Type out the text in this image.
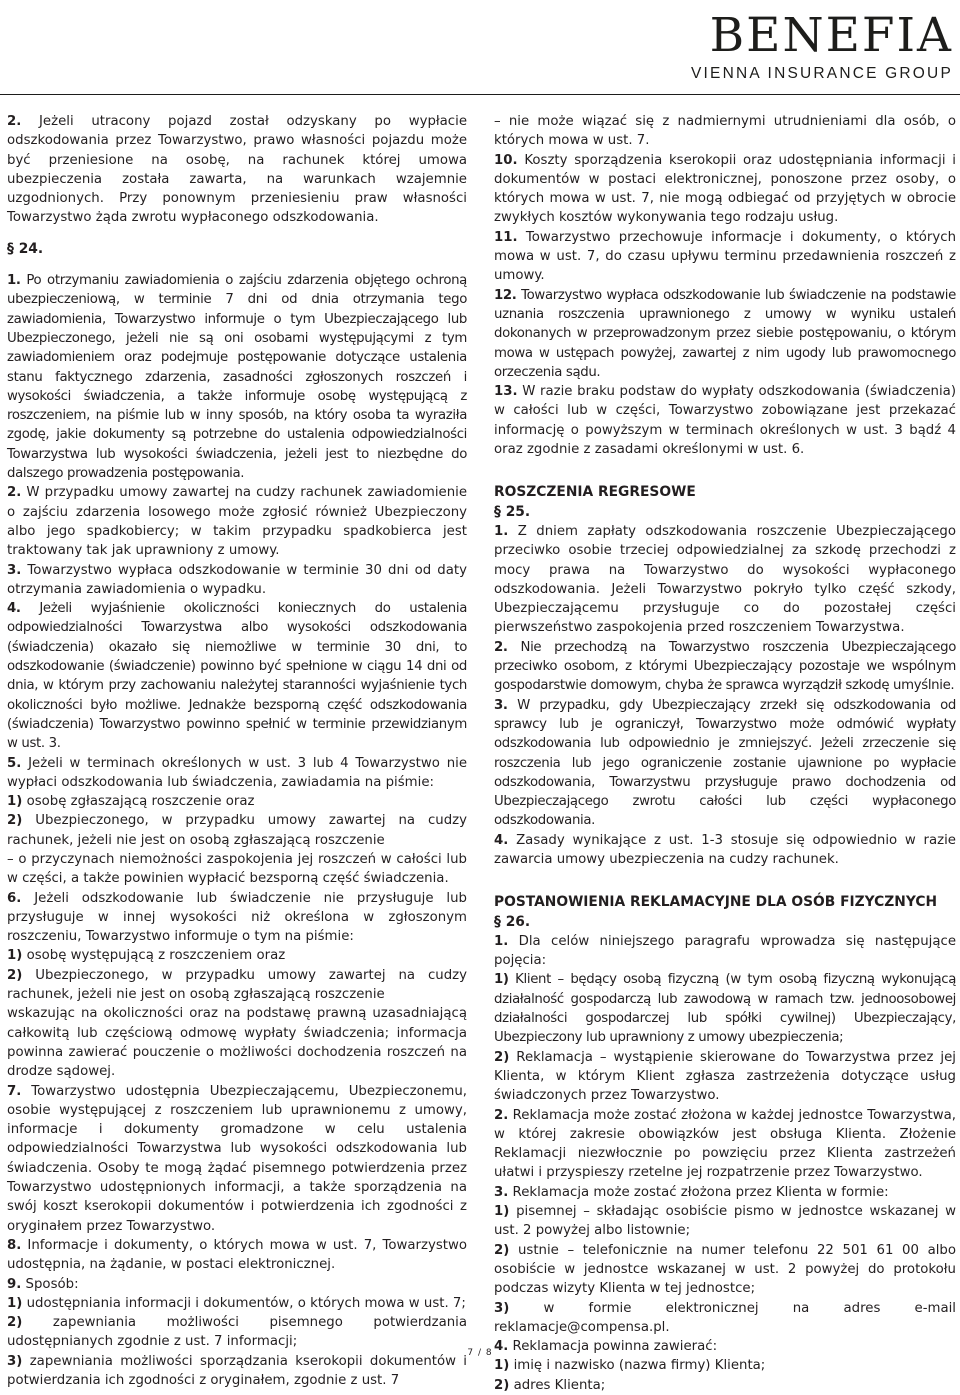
BENEFIA
VIENNA INSURANCE GROUP

2. Jeżeli utracony pojazd został odzyskany po wypłacie odszkodowania przez Towarzystwo, prawo własności pojazdu może być przeniesione na osobę, na rachunek której umowa ubezpieczenia została zawarta, na warunkach wzajemnie uzgodnionych. Przy ponownym przeniesieniu praw własności Towarzystwo żąda zwrotu wypłaconego odszkodowania.

§ 24.

1. Po otrzymaniu zawiadomienia o zajściu zdarzenia objętego ochroną ubezpieczeniową, w terminie 7 dni od dnia otrzymania tego zawiadomienia, Towarzystwo informuje o tym Ubezpieczającego lub Ubezpieczonego, jeżeli nie są oni osobami występującymi z tym zawiadomieniem oraz podejmuje postępowanie dotyczące ustalenia stanu faktycznego zdarzenia, zasadności zgłoszonych roszczeń i wysokości świadczenia, a także informuje osobę występującą z roszczeniem, na piśmie lub w inny sposób, na który osoba ta wyraziła zgodę, jakie dokumenty są potrzebne do ustalenia odpowiedzialności Towarzystwa lub wysokości świadczenia, jeżeli jest to niezbędne do dalszego prowadzenia postępowania.

2. W przypadku umowy zawartej na cudzy rachunek zawiadomienie o zajściu zdarzenia losowego może zgłosić również Ubezpieczony albo jego spadkobiercy; w takim przypadku spadkobierca jest traktowany tak jak uprawniony z umowy.

3. Towarzystwo wypłaca odszkodowanie w terminie 30 dni od daty otrzymania zawiadomienia o wypadku.

4. Jeżeli wyjaśnienie okoliczności koniecznych do ustalenia odpowiedzialności Towarzystwa albo wysokości odszkodowania (świadczenia) okazało się niemożliwe w terminie 30 dni, to odszkodowanie (świadczenie) powinno być spełnione w ciągu 14 dni od dnia, w którym przy zachowaniu należytej staranności wyjaśnienie tych okoliczności było możliwe. Jednakże bezsporną część odszkodowania (świadczenia) Towarzystwo powinno spełnić w terminie przewidzianym w ust. 3.

5. Jeżeli w terminach określonych w ust. 3 lub 4 Towarzystwo nie wypłaci odszkodowania lub świadczenia, zawiadamia na piśmie:

1) osobę zgłaszającą roszczenie oraz

2) Ubezpieczonego, w przypadku umowy zawartej na cudzy rachunek, jeżeli nie jest on osobą zgłaszającą roszczenie

– o przyczynach niemożności zaspokojenia jej roszczeń w całości lub w części, a także powinien wypłacić bezsporną część świadczenia.

6. Jeżeli odszkodowanie lub świadczenie nie przysługuje lub przysługuje w innej wysokości niż określona w zgłoszonym roszczeniu, Towarzystwo informuje o tym na piśmie:

1) osobę występującą z roszczeniem oraz

2) Ubezpieczonego, w przypadku umowy zawartej na cudzy rachunek, jeżeli nie jest on osobą zgłaszającą roszczenie

wskazując na okoliczności oraz na podstawę prawną uzasadniającą całkowitą lub częściową odmowę wypłaty świadczenia; informacja powinna zawierać pouczenie o możliwości dochodzenia roszczeń na drodze sądowej.

7. Towarzystwo udostępnia Ubezpieczającemu, Ubezpieczonemu, osobie występującej z roszczeniem lub uprawnionemu z umowy, informacje i dokumenty gromadzone w celu ustalenia odpowiedzialności Towarzystwa lub wysokości odszkodowania lub świadczenia. Osoby te mogą żądać pisemnego potwierdzenia przez Towarzystwo udostępnionych informacji, a także sporządzenia na swój koszt kserokopii dokumentów i potwierdzenia ich zgodności z oryginałem przez Towarzystwo.

8. Informacje i dokumenty, o których mowa w ust. 7, Towarzystwo udostępnia, na żądanie, w postaci elektronicznej.

9. Sposób:

1) udostępniania informacji i dokumentów, o których mowa w ust. 7;

2) zapewniania możliwości pisemnego potwierdzania udostępnianych zgodnie z ust. 7 informacji;

3) zapewniania możliwości sporządzania kserokopii dokumentów i potwierdzania ich zgodności z oryginałem, zgodnie z ust. 7

– nie może wiązać się z nadmiernymi utrudnieniami dla osób, o których mowa w ust. 7.

10. Koszty sporządzenia kserokopii oraz udostępniania informacji i dokumentów w postaci elektronicznej, ponoszone przez osoby, o których mowa w ust. 7, nie mogą odbiegać od przyjętych w obrocie zwykłych kosztów wykonywania tego rodzaju usług.

11. Towarzystwo przechowuje informacje i dokumenty, o których mowa w ust. 7, do czasu upływu terminu przedawnienia roszczeń z umowy.

12. Towarzystwo wypłaca odszkodowanie lub świadczenie na podstawie uznania roszczenia uprawnionego z umowy w wyniku ustaleń dokonanych w przeprowadzonym przez siebie postępowaniu, o którym mowa w ustępach powyżej, zawartej z nim ugody lub prawomocnego orzeczenia sądu.

13. W razie braku podstaw do wypłaty odszkodowania (świadczenia) w całości lub w części, Towarzystwo zobowiązane jest przekazać informację o powyższym w terminach określonych w ust. 3 bądź 4 oraz zgodnie z zasadami określonymi w ust. 6.

ROSZCZENIA REGRESOWE

§ 25.

1. Z dniem zapłaty odszkodowania roszczenie Ubezpieczającego przeciwko osobie trzeciej odpowiedzialnej za szkodę przechodzi z mocy prawa na Towarzystwo do wysokości wypłaconego odszkodowania. Jeżeli Towarzystwo pokryło tylko część szkody, Ubezpieczającemu przysługuje co do pozostałej części pierwszeństwo zaspokojenia przed roszczeniem Towarzystwa.

2. Nie przechodzą na Towarzystwo roszczenia Ubezpieczającego przeciwko osobom, z którymi Ubezpieczający pozostaje we wspólnym gospodarstwie domowym, chyba że sprawca wyrządził szkodę umyślnie.

3. W przypadku, gdy Ubezpieczający zrzekł się odszkodowania od sprawcy lub je ograniczył, Towarzystwo może odmówić wypłaty odszkodowania lub odpowiednio je zmniejszyć. Jeżeli zrzeczenie się roszczenia lub jego ograniczenie zostanie ujawnione po wypłacie odszkodowania, Towarzystwu przysługuje prawo dochodzenia od Ubezpieczającego zwrotu całości lub części wypłaconego odszkodowania.

4. Zasady wynikające z ust. 1-3 stosuje się odpowiednio w razie zawarcia umowy ubezpieczenia na cudzy rachunek.

POSTANOWIENIA REKLAMACYJNE DLA OSÓB FIZYCZNYCH

§ 26.

1. Dla celów niniejszego paragrafu wprowadza się następujące pojęcia:

1) Klient – będący osobą fizyczną (w tym osobą fizyczną wykonującą działalność gospodarczą lub zawodową w ramach tzw. jednoosobowej działalności gospodarczej lub spółki cywilnej) Ubezpieczający, Ubezpieczony lub uprawniony z umowy ubezpieczenia;

2) Reklamacja – wystąpienie skierowane do Towarzystwa przez jej Klienta, w którym Klient zgłasza zastrzeżenia dotyczące usług świadczonych przez Towarzystwo.

2. Reklamacja może zostać złożona w każdej jednostce Towarzystwa, w której zakresie obowiązków jest obsługa Klienta. Złożenie Reklamacji niezwłocznie po powzięciu przez Klienta zastrzeżeń ułatwi i przyspieszy rzetelne jej rozpatrzenie przez Towarzystwo.

3. Reklamacja może zostać złożona przez Klienta w formie:

1) pisemnej – składając osobiście pismo w jednostce wskazanej w ust. 2 powyżej albo listownie;

2) ustnie – telefonicznie na numer telefonu 22 501 61 00 albo osobiście w jednostce wskazanej w ust. 2 powyżej do protokołu podczas wizyty Klienta w tej jednostce;

3)	w formie elektronicznej na adres e-mail reklamacje@compensa.pl.

4. Reklamacja powinna zawierać:

1) imię i nazwisko (nazwa firmy) Klienta;

2) adres Klienta;

7 / 8
